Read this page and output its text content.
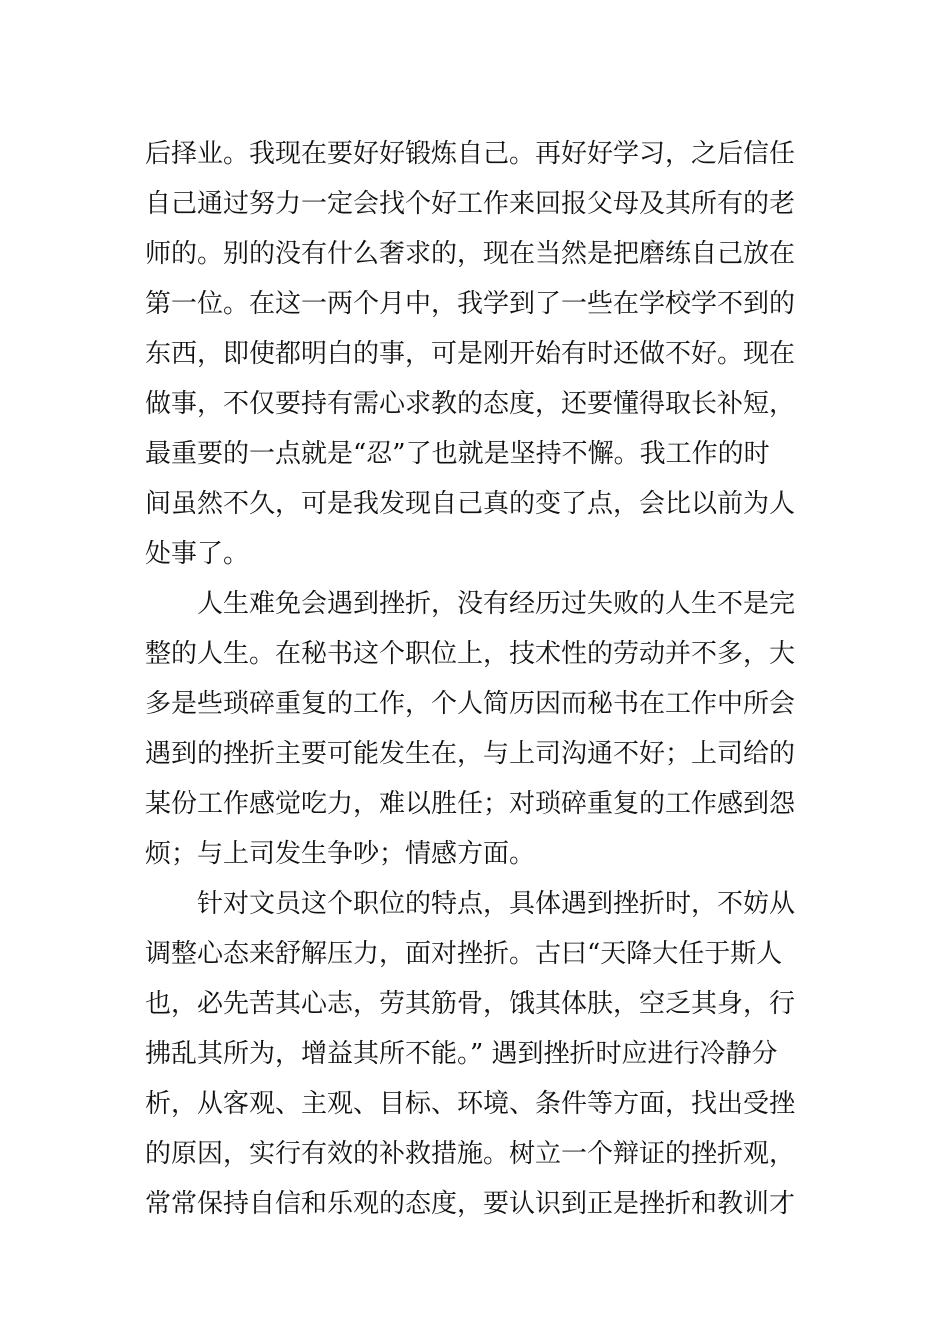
后择业。我现在要好好锻炼自己。再好好学习，之后信任
自己通过努力一定会找个好工作来回报父母及其所有的老
师的。别的没有什么奢求的，现在当然是把磨练自己放在
第一位。在这一两个月中，我学到了一些在学校学不到的
东西，即使都明白的事，可是刚开始有时还做不好。现在
做事，不仅要持有需心求教的态度，还要懂得取长补短，
最重要的一点就是“忍”了也就是坚持不懈。我工作的时
间虽然不久，可是我发现自己真的变了点，会比以前为人
处事了。
人生难免会遇到挫折，没有经历过失败的人生不是完
整的人生。在秘书这个职位上，技术性的劳动并不多，大
多是些琐碎重复的工作，个人简历因而秘书在工作中所会
遇到的挫折主要可能发生在，与上司沟通不好；上司给的
某份工作感觉吃力，难以胜任；对琐碎重复的工作感到怨
烦；与上司发生争吵；情感方面。
针对文员这个职位的特点，具体遇到挫折时，不妨从
调整心态来舒解压力，面对挫折。古曰“天降大任于斯人
也，必先苦其心志，劳其筋骨，饿其体肤，空乏其身，行
拂乱其所为，增益其所不能。” 遇到挫折时应进行冷静分
析，从客观、主观、目标、环境、条件等方面，找出受挫
的原因，实行有效的补救措施。树立一个辩证的挫折观，
常常保持自信和乐观的态度，要认识到正是挫折和教训才
